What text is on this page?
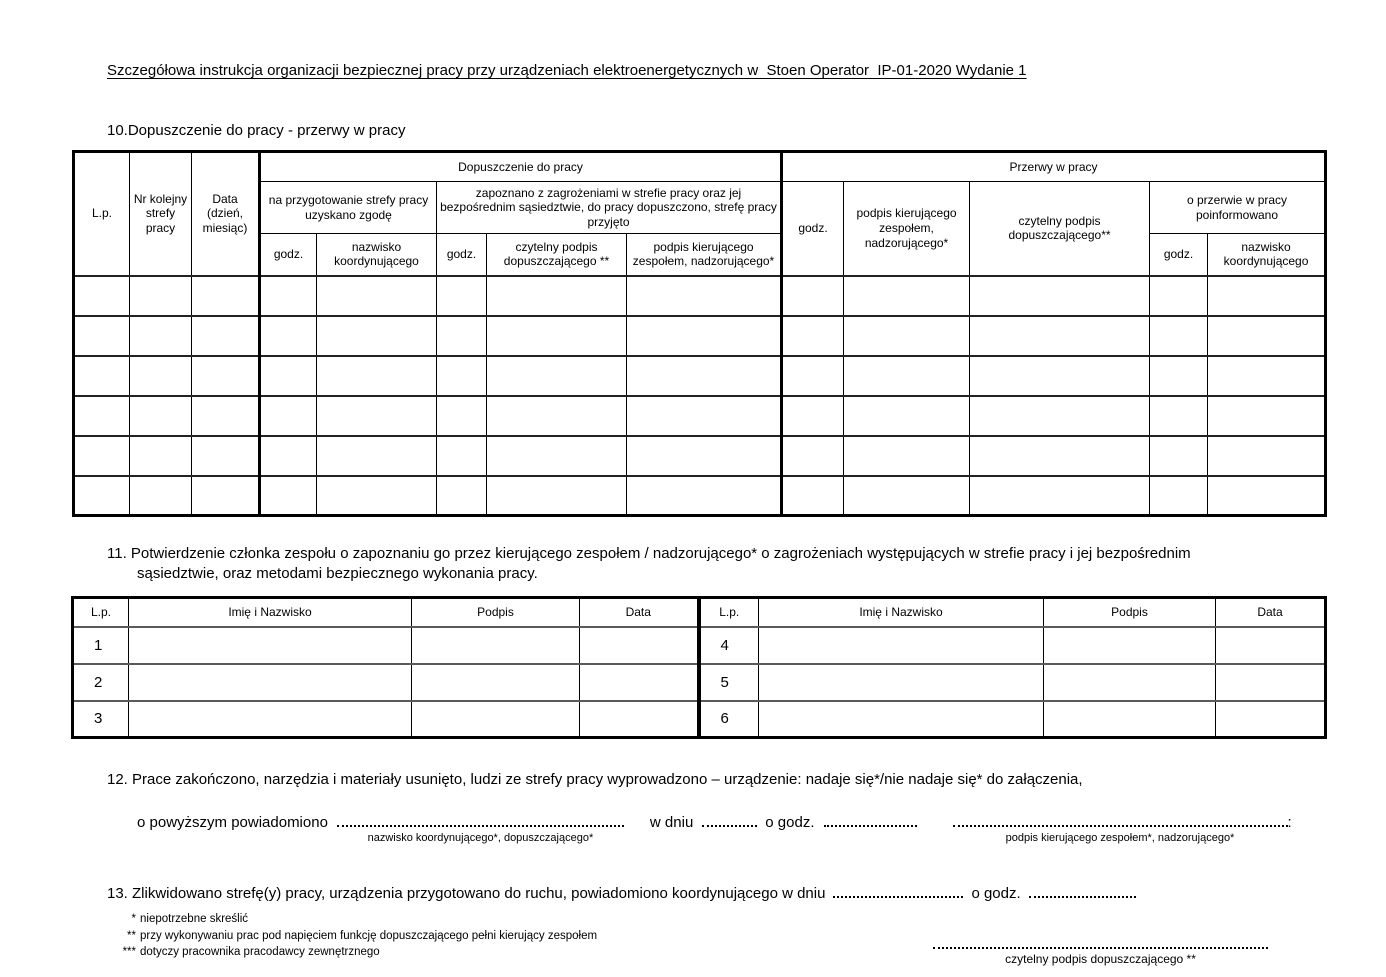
Szczegółowa instrukcja organizacji bezpiecznej pracy przy urządzeniach elektroenergetycznych w  Stoen Operator  IP-01-2020 Wydanie 1
10.Dopuszczenie do pracy - przerwy w pracy
L.p.	Nr kolejny strefy pracy	Data (dzień, miesiąc)	Dopuszczenie do pracy					Przerwy w pracy				
			na przygotowanie strefy pracy uzyskano zgodę		zapoznano z zagrożeniami w strefie pracy oraz jej bezpośrednim sąsiedztwie, do pracy dopuszczono, strefę pracy przyjęto			godz.	podpis kierującego zespołem, nadzorującego*	czytelny podpis dopuszczającego**	o przerwie w pracy poinformowano	
			godz.	nazwisko koordynującego	godz.	czytelny podpis dopuszczającego **	podpis kierującego zespołem, nadzorującego*				godz.	nazwisko koordynującego

11. Potwierdzenie członka zespołu o zapoznaniu go przez kierującego zespołem / nadzorującego* o zagrożeniach występujących w strefie pracy i jej bezpośrednim sąsiedztwie, oraz metodami bezpiecznego wykonania pracy.
L.p.	Imię i Nazwisko	Podpis	Data	L.p.	Imię i Nazwisko	Podpis	Data
1				4			
2				5			
3				6			
12. Prace zakończono, narzędzia i materiały usunięto, ludzi ze strefy pracy wyprowadzono – urządzenie: nadaje się*/nie nadaje się* do załączenia,
o powyższym powiadomiono
nazwisko koordynującego*, dopuszczającego*
w dniu	o godz.
podpis kierującego zespołem*, nadzorującego*
:
13. Zlikwidowano strefę(y) pracy, urządzenia przygotowano do ruchu, powiadomiono koordynującego w dniu	o godz.
* niepotrzebne skreślić
** przy wykonywaniu prac pod napięciem funkcję dopuszczającego pełni kierujący zespołem
*** dotyczy pracownika pracodawcy zewnętrznego	czytelny podpis dopuszczającego **
